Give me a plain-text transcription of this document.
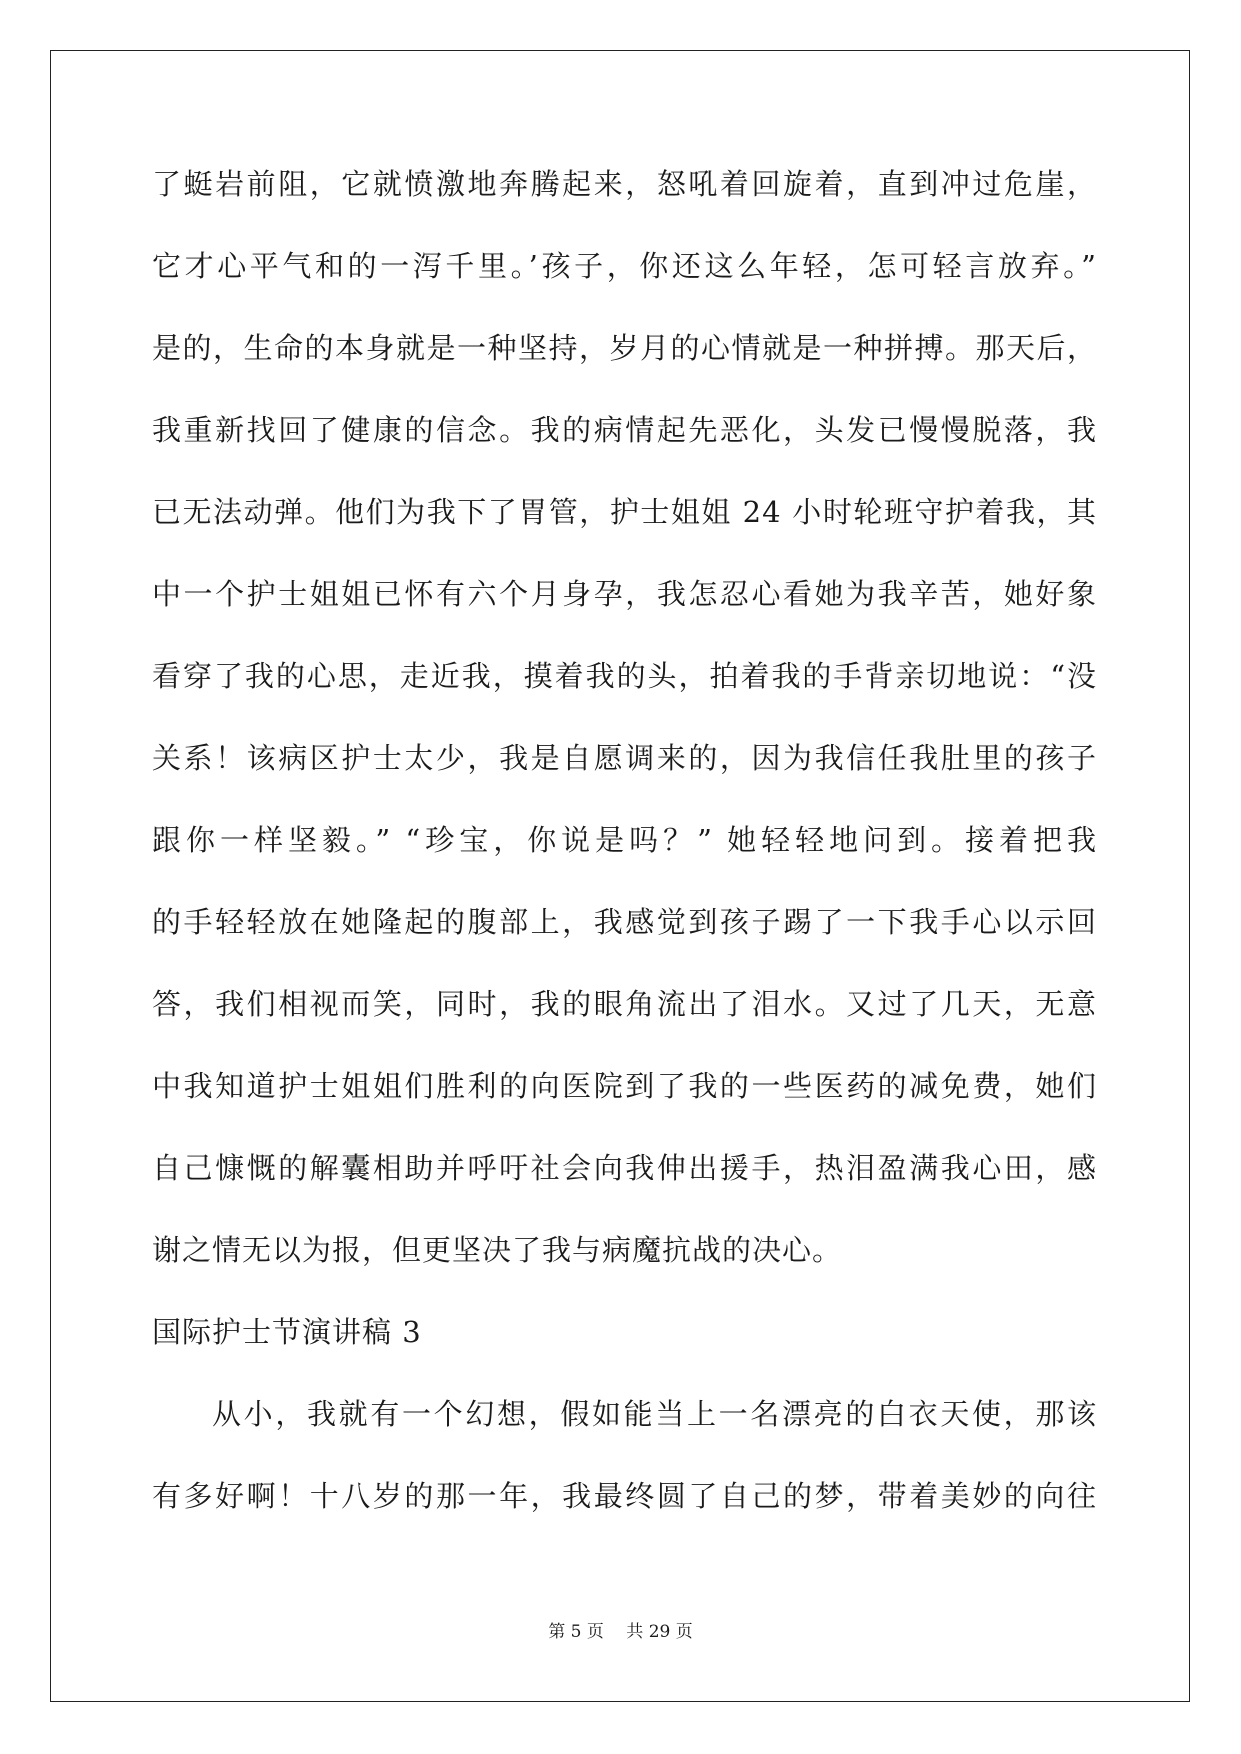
了蜓岩前阻，它就愤激地奔腾起来，怒吼着回旋着，直到冲过危崖，
它才心平气和的一泻千里。’孩子，你还这么年轻，怎可轻言放弃。”
是的，生命的本身就是一种坚持，岁月的心情就是一种拼搏。那天后，
我重新找回了健康的信念。我的病情起先恶化，头发已慢慢脱落，我
已无法动弹。他们为我下了胃管，护士姐姐 24 小时轮班守护着我，其
中一个护士姐姐已怀有六个月身孕，我怎忍心看她为我辛苦，她好象
看穿了我的心思，走近我，摸着我的头，拍着我的手背亲切地说：“没
关系！该病区护士太少，我是自愿调来的，因为我信任我肚里的孩子
跟你一样坚毅。” “珍宝，你说是吗？” 她轻轻地问到。接着把我
的手轻轻放在她隆起的腹部上，我感觉到孩子踢了一下我手心以示回
答，我们相视而笑，同时，我的眼角流出了泪水。又过了几天，无意
中我知道护士姐姐们胜利的向医院到了我的一些医药的减免费，她们
自己慷慨的解囊相助并呼吁社会向我伸出援手，热泪盈满我心田，感
谢之情无以为报，但更坚决了我与病魔抗战的决心。
国际护士节演讲稿 3
从小，我就有一个幻想，假如能当上一名漂亮的白衣天使，那该
有多好啊！十八岁的那一年，我最终圆了自己的梦，带着美妙的向往
第 5 页　 共 29 页
